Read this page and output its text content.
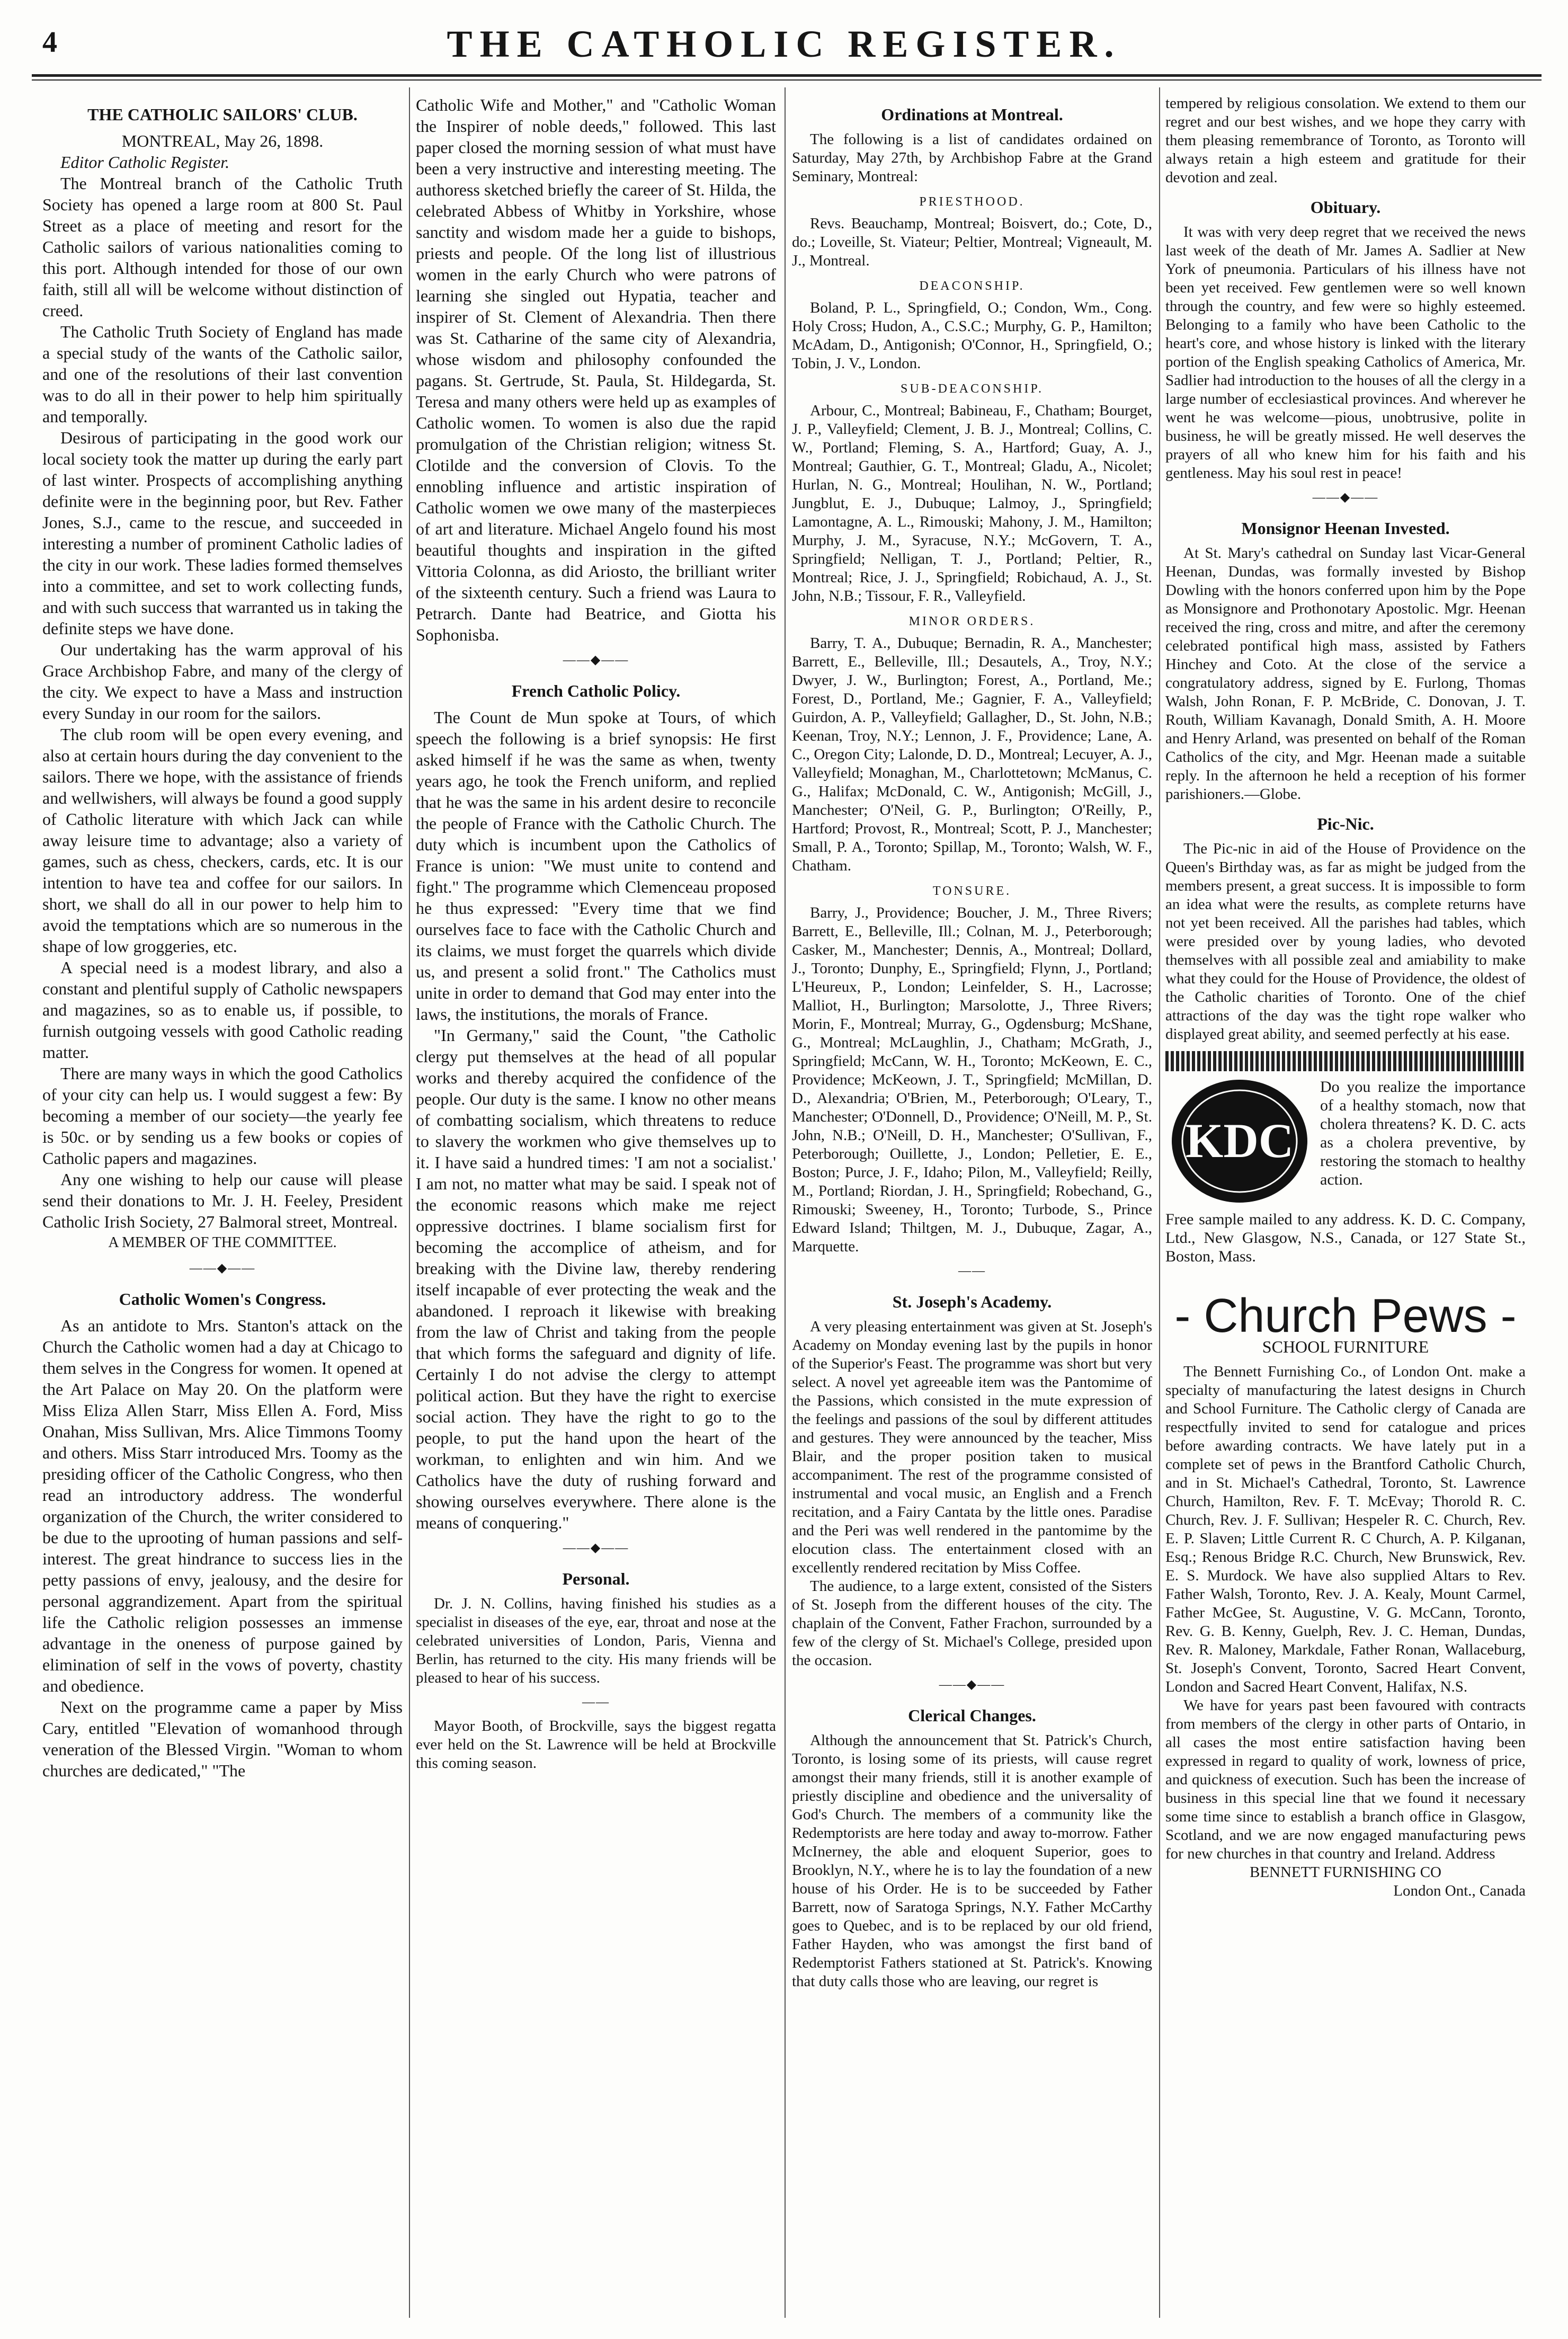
4	THE CATHOLIC REGISTER.
THE CATHOLIC SAILORS' CLUB.

MONTREAL, May 26, 1898.

Editor Catholic Register.

The Montreal branch of the Catholic Truth Society has opened a large room at 800 St. Paul Street as a place of meeting and resort for the Catholic sailors of various nationalities coming to this port. Although intended for those of our own faith, still all will be welcome without distinction of creed.

The Catholic Truth Society of England has made a special study of the wants of the Catholic sailor, and one of the resolutions of their last convention was to do all in their power to help him spiritually and temporally.

Desirous of participating in the good work our local society took the matter up during the early part of last winter. Prospects of accomplishing anything definite were in the beginning poor, but Rev. Father Jones, S.J., came to the rescue, and succeeded in interesting a number of prominent Catholic ladies of the city in our work. These ladies formed themselves into a committee, and set to work collecting funds, and with such success that warranted us in taking the definite steps we have done.

Our undertaking has the warm approval of his Grace Archbishop Fabre, and many of the clergy of the city. We expect to have a Mass and instruction every Sunday in our room for the sailors.

The club room will be open every evening, and also at certain hours during the day convenient to the sailors. There we hope, with the assistance of friends and wellwishers, will always be found a good supply of Catholic literature with which Jack can while away leisure time to advantage; also a variety of games, such as chess, checkers, cards, etc. It is our intention to have tea and coffee for our sailors. In short, we shall do all in our power to help him to avoid the temptations which are so numerous in the shape of low groggeries, etc.

A special need is a modest library, and also a constant and plentiful supply of Catholic newspapers and magazines, so as to enable us, if possible, to furnish outgoing vessels with good Catholic reading matter.

There are many ways in which the good Catholics of your city can help us. I would suggest a few: By becoming a member of our society—the yearly fee is 50c. or by sending us a few books or copies of Catholic papers and magazines.

Any one wishing to help our cause will please send their donations to Mr. J. H. Feeley, President Catholic Irish Society, 27 Balmoral street, Montreal.

A MEMBER OF THE COMMITTEE.

——◆——
Catholic Women's Congress.

As an antidote to Mrs. Stanton's attack on the Church the Catholic women had a day at Chicago to them selves in the Congress for women. It opened at the Art Palace on May 20. On the platform were Miss Eliza Allen Starr, Miss Ellen A. Ford, Miss Onahan, Miss Sullivan, Mrs. Alice Timmons Toomy and others. Miss Starr introduced Mrs. Toomy as the presiding officer of the Catholic Congress, who then read an introductory address. The wonderful organization of the Church, the writer considered to be due to the uprooting of human passions and self-interest. The great hindrance to success lies in the petty passions of envy, jealousy, and the desire for personal aggrandizement. Apart from the spiritual life the Catholic religion possesses an immense advantage in the oneness of purpose gained by elimination of self in the vows of poverty, chastity and obedience.

Next on the programme came a paper by Miss Cary, entitled "Elevation of womanhood through veneration of the Blessed Virgin. "Woman to whom churches are dedicated," "The

Catholic Wife and Mother," and "Catholic Woman the Inspirer of noble deeds," followed. This last paper closed the morning session of what must have been a very instructive and interesting meeting. The authoress sketched briefly the career of St. Hilda, the celebrated Abbess of Whitby in Yorkshire, whose sanctity and wisdom made her a guide to bishops, priests and people. Of the long list of illustrious women in the early Church who were patrons of learning she singled out Hypatia, teacher and inspirer of St. Clement of Alexandria. Then there was St. Catharine of the same city of Alexandria, whose wisdom and philosophy confounded the pagans. St. Gertrude, St. Paula, St. Hildegarda, St. Teresa and many others were held up as examples of Catholic women. To women is also due the rapid promulgation of the Christian religion; witness St. Clotilde and the conversion of Clovis. To the ennobling influence and artistic inspiration of Catholic women we owe many of the masterpieces of art and literature. Michael Angelo found his most beautiful thoughts and inspiration in the gifted Vittoria Colonna, as did Ariosto, the brilliant writer of the sixteenth century. Such a friend was Laura to Petrarch. Dante had Beatrice, and Giotta his Sophonisba.

——◆——
French Catholic Policy.

The Count de Mun spoke at Tours, of which speech the following is a brief synopsis: He first asked himself if he was the same as when, twenty years ago, he took the French uniform, and replied that he was the same in his ardent desire to reconcile the people of France with the Catholic Church. The duty which is incumbent upon the Catholics of France is union: "We must unite to contend and fight." The programme which Clemenceau proposed he thus expressed: "Every time that we find ourselves face to face with the Catholic Church and its claims, we must forget the quarrels which divide us, and present a solid front." The Catholics must unite in order to demand that God may enter into the laws, the institutions, the morals of France.

"In Germany," said the Count, "the Catholic clergy put themselves at the head of all popular works and thereby acquired the confidence of the people. Our duty is the same. I know no other means of combatting socialism, which threatens to reduce to slavery the workmen who give themselves up to it. I have said a hundred times: 'I am not a socialist.' I am not, no matter what may be said. I speak not of the economic reasons which make me reject oppressive doctrines. I blame socialism first for becoming the accomplice of atheism, and for breaking with the Divine law, thereby rendering itself incapable of ever protecting the weak and the abandoned. I reproach it likewise with breaking from the law of Christ and taking from the people that which forms the safeguard and dignity of life. Certainly I do not advise the clergy to attempt political action. But they have the right to exercise social action. They have the right to go to the people, to put the hand upon the heart of the workman, to enlighten and win him. And we Catholics have the duty of rushing forward and showing ourselves everywhere. There alone is the means of conquering."

——◆——
Personal.

Dr. J. N. Collins, having finished his studies as a specialist in diseases of the eye, ear, throat and nose at the celebrated universities of London, Paris, Vienna and Berlin, has returned to the city. His many friends will be pleased to hear of his success.

——

Mayor Booth, of Brockville, says the biggest regatta ever held on the St. Lawrence will be held at Brockville this coming season.

Ordinations at Montreal.

The following is a list of candidates ordained on Saturday, May 27th, by Archbishop Fabre at the Grand Seminary, Montreal:

PRIESTHOOD.

Revs. Beauchamp, Montreal; Boisvert, do.; Cote, D., do.; Loveille, St. Viateur; Peltier, Montreal; Vigneault, M. J., Montreal.

DEACONSHIP.

Boland, P. L., Springfield, O.; Condon, Wm., Cong. Holy Cross; Hudon, A., C.S.C.; Murphy, G. P., Hamilton; McAdam, D., Antigonish; O'Connor, H., Springfield, O.; Tobin, J. V., London.

SUB-DEACONSHIP.

Arbour, C., Montreal; Babineau, F., Chatham; Bourget, J. P., Valleyfield; Clement, J. B. J., Montreal; Collins, C. W., Portland; Fleming, S. A., Hartford; Guay, A. J., Montreal; Gauthier, G. T., Montreal; Gladu, A., Nicolet; Hurlan, N. G., Montreal; Houlihan, N. W., Portland; Jungblut, E. J., Dubuque; Lalmoy, J., Springfield; Lamontagne, A. L., Rimouski; Mahony, J. M., Hamilton; Murphy, J. M., Syracuse, N.Y.; McGovern, T. A., Springfield; Nelligan, T. J., Portland; Peltier, R., Montreal; Rice, J. J., Springfield; Robichaud, A. J., St. John, N.B.; Tissour, F. R., Valleyfield.

MINOR ORDERS.

Barry, T. A., Dubuque; Bernadin, R. A., Manchester; Barrett, E., Belleville, Ill.; Desautels, A., Troy, N.Y.; Dwyer, J. W., Burlington; Forest, A., Portland, Me.; Forest, D., Portland, Me.; Gagnier, F. A., Valleyfield; Guirdon, A. P., Valleyfield; Gallagher, D., St. John, N.B.; Keenan, Troy, N.Y.; Lennon, J. F., Providence; Lane, A. C., Oregon City; Lalonde, D. D., Montreal; Lecuyer, A. J., Valleyfield; Monaghan, M., Charlottetown; McManus, C. G., Halifax; McDonald, C. W., Antigonish; McGill, J., Manchester; O'Neil, G. P., Burlington; O'Reilly, P., Hartford; Provost, R., Montreal; Scott, P. J., Manchester; Small, P. A., Toronto; Spillap, M., Toronto; Walsh, W. F., Chatham.

TONSURE.

Barry, J., Providence; Boucher, J. M., Three Rivers; Barrett, E., Belleville, Ill.; Colnan, M. J., Peterborough; Casker, M., Manchester; Dennis, A., Montreal; Dollard, J., Toronto; Dunphy, E., Springfield; Flynn, J., Portland; L'Heureux, P., London; Leinfelder, S. H., Lacrosse; Malliot, H., Burlington; Marsolotte, J., Three Rivers; Morin, F., Montreal; Murray, G., Ogdensburg; McShane, G., Montreal; McLaughlin, J., Chatham; McGrath, J., Springfield; McCann, W. H., Toronto; McKeown, E. C., Providence; McKeown, J. T., Springfield; McMillan, D. D., Alexandria; O'Brien, M., Peterborough; O'Leary, T., Manchester; O'Donnell, D., Providence; O'Neill, M. P., St. John, N.B.; O'Neill, D. H., Manchester; O'Sullivan, F., Peterborough; Ouillette, J., London; Pelletier, E. E., Boston; Purce, J. F., Idaho; Pilon, M., Valleyfield; Reilly, M., Portland; Riordan, J. H., Springfield; Robechand, G., Rimouski; Sweeney, H., Toronto; Turbode, S., Prince Edward Island; Thiltgen, M. J., Dubuque, Zagar, A., Marquette.

——
St. Joseph's Academy.

A very pleasing entertainment was given at St. Joseph's Academy on Monday evening last by the pupils in honor of the Superior's Feast. The programme was short but very select. A novel yet agreeable item was the Pantomime of the Passions, which consisted in the mute expression of the feelings and passions of the soul by different attitudes and gestures. They were announced by the teacher, Miss Blair, and the proper position taken to musical accompaniment. The rest of the programme consisted of instrumental and vocal music, an English and a French recitation, and a Fairy Cantata by the little ones. Paradise and the Peri was well rendered in the pantomime by the elocution class. The entertainment closed with an excellently rendered recitation by Miss Coffee.

The audience, to a large extent, consisted of the Sisters of St. Joseph from the different houses of the city. The chaplain of the Convent, Father Frachon, surrounded by a few of the clergy of St. Michael's College, presided upon the occasion.

——◆——
Clerical Changes.

Although the announcement that St. Patrick's Church, Toronto, is losing some of its priests, will cause regret amongst their many friends, still it is another example of priestly discipline and obedience and the universality of God's Church. The members of a community like the Redemptorists are here today and away to-morrow. Father McInerney, the able and eloquent Superior, goes to Brooklyn, N.Y., where he is to lay the foundation of a new house of his Order. He is to be succeeded by Father Barrett, now of Saratoga Springs, N.Y. Father McCarthy goes to Quebec, and is to be replaced by our old friend, Father Hayden, who was amongst the first band of Redemptorist Fathers stationed at St. Patrick's. Knowing that duty calls those who are leaving, our regret is

tempered by religious consolation. We extend to them our regret and our best wishes, and we hope they carry with them pleasing remembrance of Toronto, as Toronto will always retain a high esteem and gratitude for their devotion and zeal.

Obituary.

It was with very deep regret that we received the news last week of the death of Mr. James A. Sadlier at New York of pneumonia. Particulars of his illness have not been yet received. Few gentlemen were so well known through the country, and few were so highly esteemed. Belonging to a family who have been Catholic to the heart's core, and whose history is linked with the literary portion of the English speaking Catholics of America, Mr. Sadlier had introduction to the houses of all the clergy in a large number of ecclesiastical provinces. And wherever he went he was welcome—pious, unobtrusive, polite in business, he will be greatly missed. He well deserves the prayers of all who knew him for his faith and his gentleness. May his soul rest in peace!

——◆——
Monsignor Heenan Invested.

At St. Mary's cathedral on Sunday last Vicar-General Heenan, Dundas, was formally invested by Bishop Dowling with the honors conferred upon him by the Pope as Monsignore and Prothonotary Apostolic. Mgr. Heenan received the ring, cross and mitre, and after the ceremony celebrated pontifical high mass, assisted by Fathers Hinchey and Coto. At the close of the service a congratulatory address, signed by E. Furlong, Thomas Walsh, John Ronan, F. P. McBride, C. Donovan, J. T. Routh, William Kavanagh, Donald Smith, A. H. Moore and Henry Arland, was presented on behalf of the Roman Catholics of the city, and Mgr. Heenan made a suitable reply. In the afternoon he held a reception of his former parishioners.—Globe.

Pic-Nic.

The Pic-nic in aid of the House of Providence on the Queen's Birthday was, as far as might be judged from the members present, a great success. It is impossible to form an idea what were the results, as complete returns have not yet been received. All the parishes had tables, which were presided over by young ladies, who devoted themselves with all possible zeal and amiability to make what they could for the House of Providence, the oldest of the Catholic charities of Toronto. One of the chief attractions of the day was the tight rope walker who displayed great ability, and seemed perfectly at his ease.

KDC
Do you realize the importance of a healthy stomach, now that cholera threatens? K. D. C. acts as a cholera preventive, by restoring the stomach to healthy action.
Free sample mailed to any address. K. D. C. Company, Ltd., New Glasgow, N.S., Canada, or 127 State St., Boston, Mass.
- Church Pews -
SCHOOL FURNITURE

The Bennett Furnishing Co., of London Ont. make a specialty of manufacturing the latest designs in Church and School Furniture. The Catholic clergy of Canada are respectfully invited to send for catalogue and prices before awarding contracts. We have lately put in a complete set of pews in the Brantford Catholic Church, and in St. Michael's Cathedral, Toronto, St. Lawrence Church, Hamilton, Rev. F. T. McEvay; Thorold R. C. Church, Rev. J. F. Sullivan; Hespeler R. C. Church, Rev. E. P. Slaven; Little Current R. C Church, A. P. Kilganan, Esq.; Renous Bridge R.C. Church, New Brunswick, Rev. E. S. Murdock. We have also supplied Altars to Rev. Father Walsh, Toronto, Rev. J. A. Kealy, Mount Carmel, Father McGee, St. Augustine, V. G. McCann, Toronto, Rev. G. B. Kenny, Guelph, Rev. J. C. Heman, Dundas, Rev. R. Maloney, Markdale, Father Ronan, Wallaceburg, St. Joseph's Convent, Toronto, Sacred Heart Convent, London and Sacred Heart Convent, Halifax, N.S.

We have for years past been favoured with contracts from members of the clergy in other parts of Ontario, in all cases the most entire satisfaction having been expressed in regard to quality of work, lowness of price, and quickness of execution. Such has been the increase of business in this special line that we found it necessary some time since to establish a branch office in Glasgow, Scotland, and we are now engaged manufacturing pews for new churches in that country and Ireland. Address

BENNETT FURNISHING CO

London Ont., Canada
